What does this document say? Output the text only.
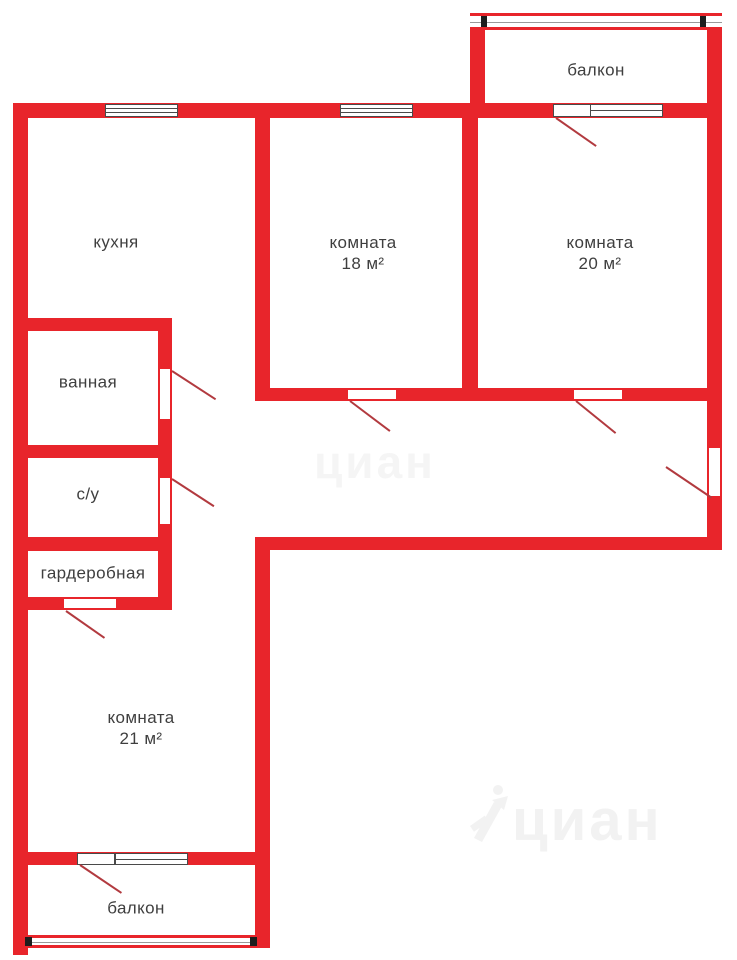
балкон
кухня	комната
18 м²
комната
20 м²
ванная
с/у
гардеробная
комната
21 м²
балкон
циан
циан
